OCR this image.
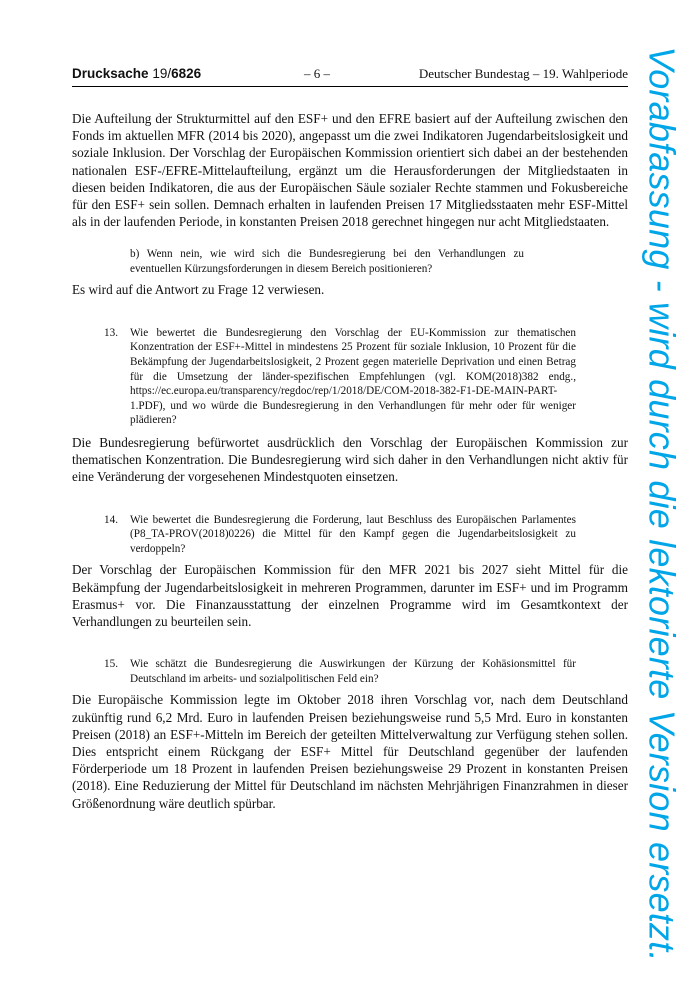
Drucksache 19/6826	– 6 –	Deutscher Bundestag – 19. Wahlperiode

Die Aufteilung der Strukturmittel auf den ESF+ und den EFRE basiert auf der Aufteilung zwischen den Fonds im aktuellen MFR (2014 bis 2020), angepasst um die zwei Indikatoren Jugendarbeitslosigkeit und soziale Inklusion. Der Vorschlag der Europäischen Kommission orientiert sich dabei an der bestehenden nationalen ESF-/EFRE-Mittelaufteilung, ergänzt um die Herausforderungen der Mitgliedstaaten in diesen beiden Indikatoren, die aus der Europäischen Säule sozialer Rechte stammen und Fokusbereiche für den ESF+ sein sollen. Demnach erhalten in laufenden Preisen 17 Mitgliedsstaaten mehr ESF-Mittel als in der laufenden Periode, in konstanten Preisen 2018 gerechnet hingegen nur acht Mitgliedstaaten.

b) Wenn nein, wie wird sich die Bundesregierung bei den Verhandlungen zu eventuellen Kürzungsforderungen in diesem Bereich positionieren?

Es wird auf die Antwort zu Frage 12 verwiesen.

13. Wie bewertet die Bundesregierung den Vorschlag der EU-Kommission zur thematischen Konzentration der ESF+-Mittel in mindestens 25 Prozent für soziale Inklusion, 10 Prozent für die Bekämpfung der Jugendarbeitslosigkeit, 2 Prozent gegen materielle Deprivation und einen Betrag für die Umsetzung der länder-spezifischen Empfehlungen (vgl. KOM(2018)382 endg., https://ec.europa.eu/transparency/regdoc/rep/1/2018/DE/COM-2018-382-F1-DE-MAIN-PART-1.PDF), und wo würde die Bundesregierung in den Verhandlungen für mehr oder für weniger plädieren?

Die Bundesregierung befürwortet ausdrücklich den Vorschlag der Europäischen Kommission zur thematischen Konzentration. Die Bundesregierung wird sich daher in den Verhandlungen nicht aktiv für eine Veränderung der vorgesehenen Mindestquoten einsetzen.

14. Wie bewertet die Bundesregierung die Forderung, laut Beschluss des Europäischen Parlamentes (P8_TA-PROV(2018)0226) die Mittel für den Kampf gegen die Jugendarbeitslosigkeit zu verdoppeln?

Der Vorschlag der Europäischen Kommission für den MFR 2021 bis 2027 sieht Mittel für die Bekämpfung der Jugendarbeitslosigkeit in mehreren Programmen, darunter im ESF+ und im Programm Erasmus+ vor. Die Finanzausstattung der einzelnen Programme wird im Gesamtkontext der Verhandlungen zu beurteilen sein.

15. Wie schätzt die Bundesregierung die Auswirkungen der Kürzung der Kohäsionsmittel für Deutschland im arbeits- und sozialpolitischen Feld ein?

Die Europäische Kommission legte im Oktober 2018 ihren Vorschlag vor, nach dem Deutschland zukünftig rund 6,2 Mrd. Euro in laufenden Preisen beziehungsweise rund 5,5 Mrd. Euro in konstanten Preisen (2018) an ESF+-Mitteln im Bereich der geteilten Mittelverwaltung zur Verfügung stehen sollen. Dies entspricht einem Rückgang der ESF+ Mittel für Deutschland gegenüber der laufenden Förderperiode um 18 Prozent in laufenden Preisen beziehungsweise 29 Prozent in konstanten Preisen (2018). Eine Reduzierung der Mittel für Deutschland im nächsten Mehrjährigen Finanzrahmen in dieser Größenordnung wäre deutlich spürbar.	Vorabfassung - wird durch die lektorierte Version ersetzt.
